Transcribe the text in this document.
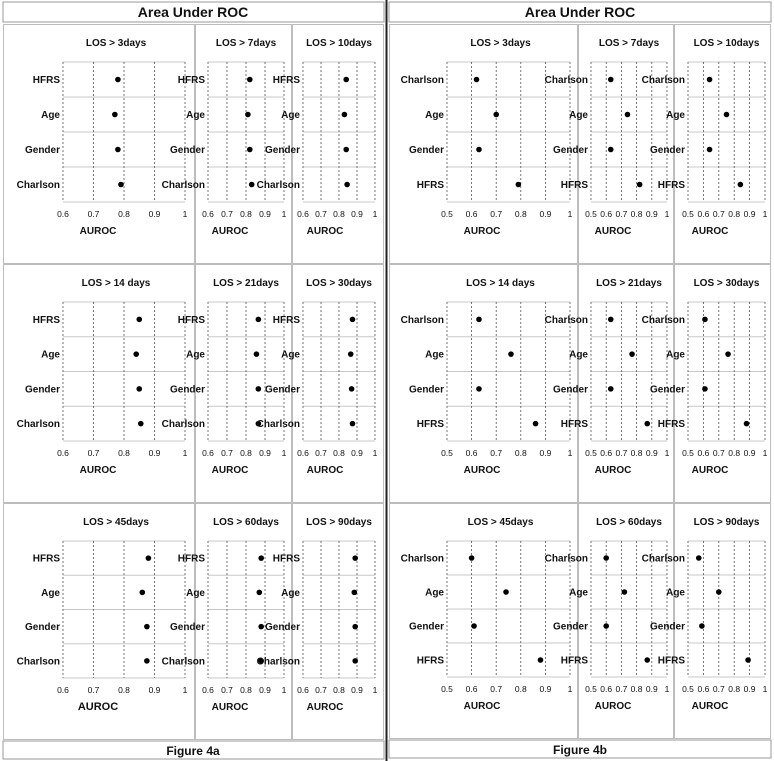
Area Under ROC	Area Under ROC
LOS > 3days
0.6 0.7 0.8 0.9	1
HFRS
Age
Gender
Charlson
AUROC
LOS > 7days
0.6 0.7 0.8 0.9 1
HFRS
Age
Gender
Charlson
AUROC
LOS > 10days
0.6 0.7 0.8 0.9 1
HFRS
Age
Gender
Charlson
AUROC
LOS > 14 days
0.6 0.7 0.8 0.9	1
HFRS
Age
Gender
Charlson
AUROC
LOS > 21days
0.6 0.7 0.8 0.9 1
HFRS
Age
Gender
Charlson
AUROC
LOS > 30days
0.6 0.7 0.8 0.9 1
HFRS
Age
Gender
Charlson
AUROC
LOS > 45days
0.6 0.7 0.8 0.9	1
HFRS
Age
Gender
Charlson
AUROC
LOS > 60days
0.6 0.7 0.8 0.9 1
HFRS
Age
Gender
Charlson
AUROC
LOS > 90days
0.6 0.7 0.8 0.9 1
HFRS
Age
Gender
Charlson
AUROC
LOS > 3days
0.5 0.6 0.7 0.8 0.9 1
Charlson
Age
Gender
HFRS
AUROC
LOS > 7days
0.5 0.6 0.7 0.8 0.9 1
Charlson
Age
Gender
HFRS
AUROC
LOS > 10days
0.5 0.6 0.7 0.8 0.9 1
Charlson
Age
Gender
HFRS
AUROC
LOS > 14 days
0.5 0.6 0.7 0.8 0.9 1
Charlson
Age
Gender
HFRS
AUROC
LOS > 21days
0.5 0.6 0.7 0.8 0.9 1
Charlson
Age
Gender
HFRS
AUROC
LOS > 30days
0.5 0.6 0.7 0.8 0.9 1
Charlson
Age
Gender
HFRS
AUROC
LOS > 45days
0.5 0.6 0.7 0.8 0.9 1
Charlson
Age
Gender
HFRS
AUROC
LOS > 60days
0.5 0.6 0.7 0.8 0.9 1
Charlson
Age
Gender
HFRS
AUROC
LOS > 90days
0.5 0.6 0.7 0.8 0.9 1
Charlson
Age
Gender
HFRS
AUROC
Figure 4a	Figure 4b
